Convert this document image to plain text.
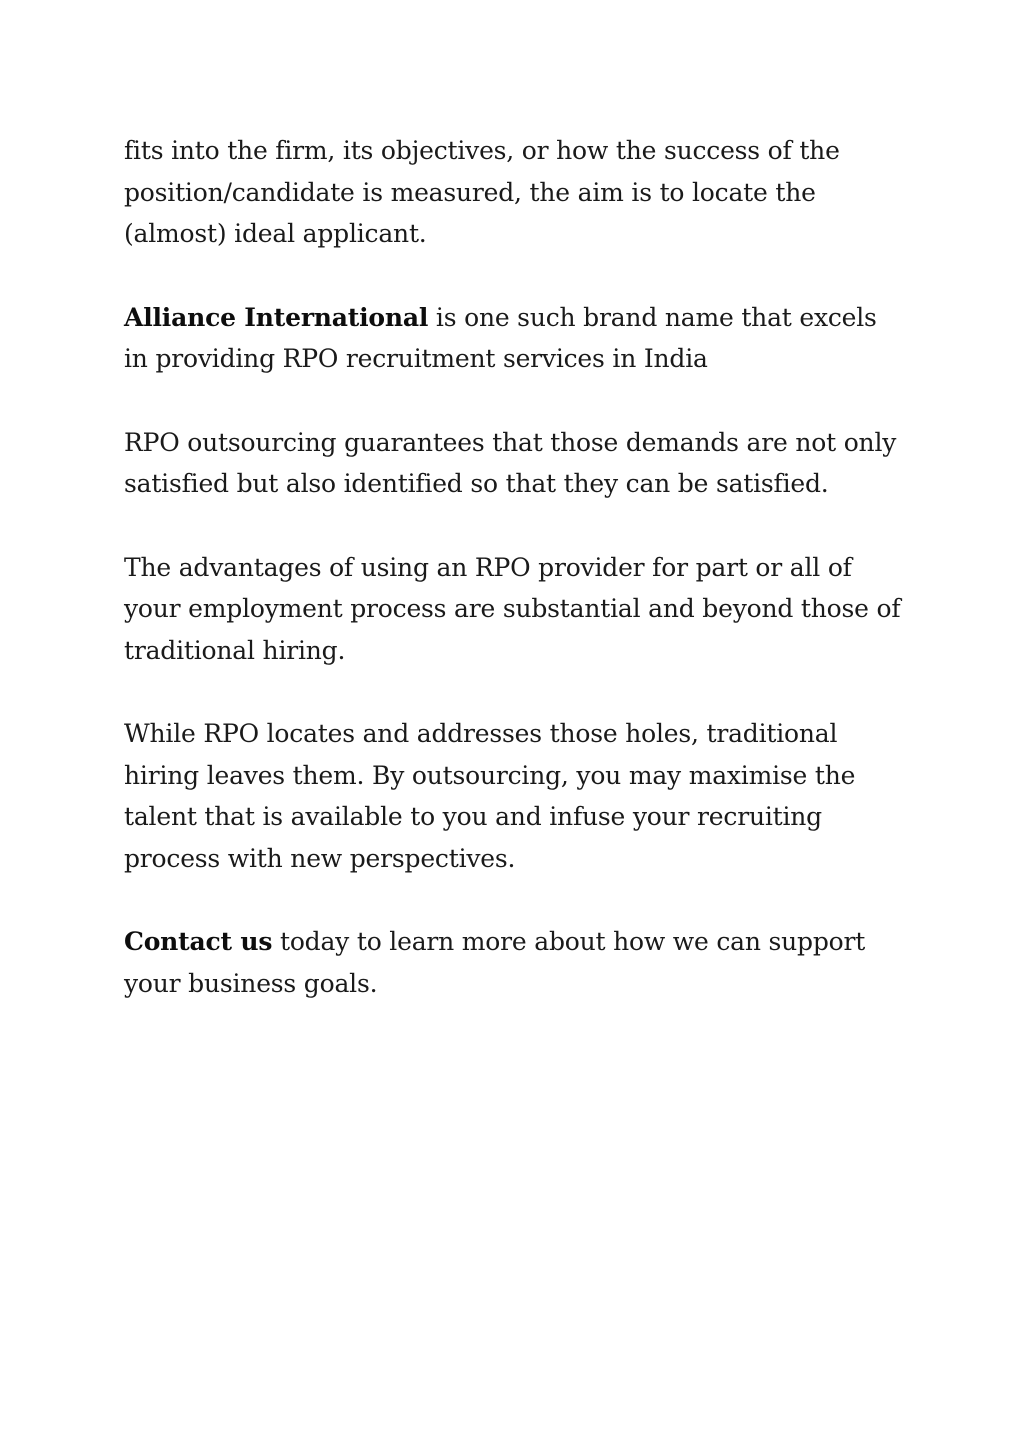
fits into the firm, its objectives, or how the success of the position/candidate is measured, the aim is to locate the (almost) ideal applicant.

Alliance International is one such brand name that excels in providing RPO recruitment services in India

RPO outsourcing guarantees that those demands are not only satisfied but also identified so that they can be satisfied.

The advantages of using an RPO provider for part or all of your employment process are substantial and beyond those of traditional hiring.

While RPO locates and addresses those holes, traditional hiring leaves them. By outsourcing, you may maximise the talent that is available to you and infuse your recruiting process with new perspectives.

Contact us today to learn more about how we can support your business goals.
